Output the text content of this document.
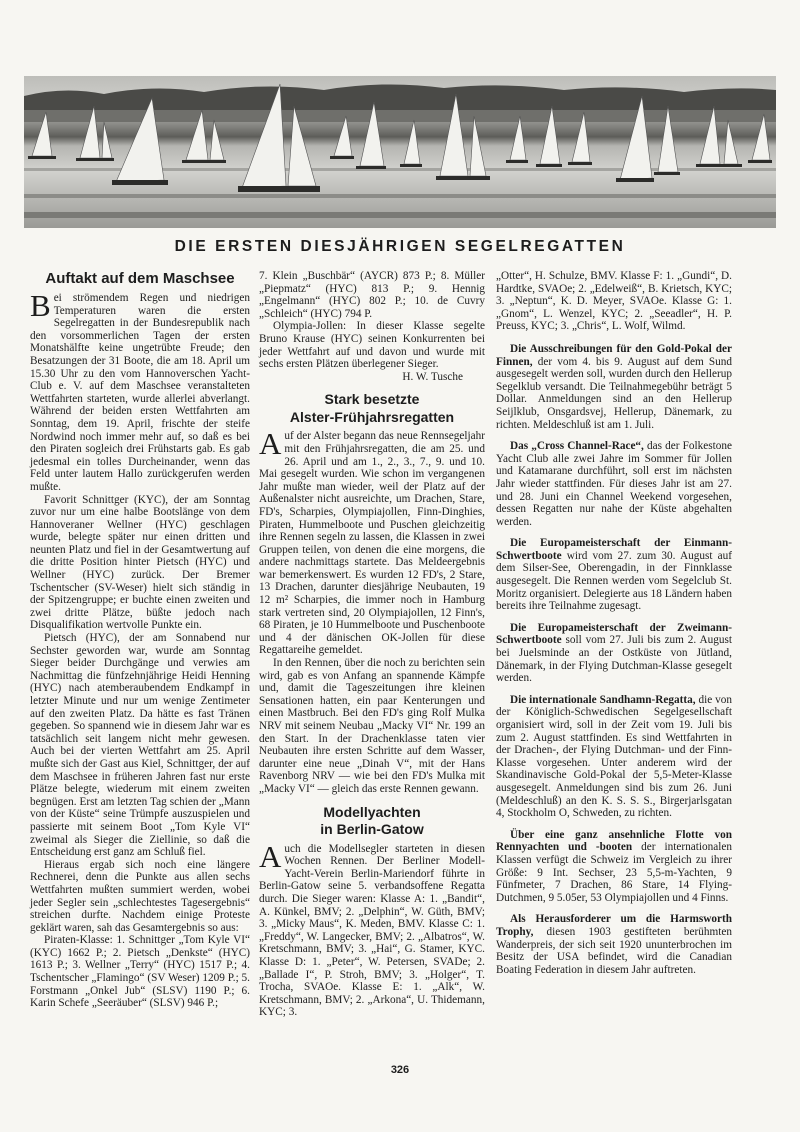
DIE ERSTEN DIESJÄHRIGEN SEGELREGATTEN
Auftakt auf dem Maschsee

Bei strömendem Regen und niedrigen Temperaturen waren die ersten Segelregatten in der Bundesrepublik nach den vorsommerlichen Tagen der ersten Monatshälfte keine ungetrübte Freude; den Besatzungen der 31 Boote, die am 18. April um 15.30 Uhr zu den vom Hannoverschen Yacht-Club e. V. auf dem Maschsee veranstalteten Wettfahrten starteten, wurde allerlei abverlangt. Während der beiden ersten Wettfahrten am Sonntag, dem 19. April, frischte der steife Nordwind noch immer mehr auf, so daß es bei den Piraten sogleich drei Frühstarts gab. Es gab jedesmal ein tolles Durcheinander, wenn das Feld unter lautem Hallo zurückgerufen werden mußte.

Favorit Schnittger (KYC), der am Sonntag zuvor nur um eine halbe Bootslänge von dem Hannoveraner Wellner (HYC) geschlagen wurde, belegte später nur einen dritten und neunten Platz und fiel in der Gesamtwertung auf die dritte Position hinter Pietsch (HYC) und Wellner (HYC) zurück. Der Bremer Tschentscher (SV-Weser) hielt sich ständig in der Spitzengruppe; er buchte einen zweiten und zwei dritte Plätze, büßte jedoch nach Disqualifikation wertvolle Punkte ein.

Pietsch (HYC), der am Sonnabend nur Sechster geworden war, wurde am Sonntag Sieger beider Durchgänge und verwies am Nachmittag die fünfzehnjährige Heidi Henning (HYC) nach atemberaubendem Endkampf in letzter Minute und nur um wenige Zentimeter auf den zweiten Platz. Da hätte es fast Tränen gegeben. So spannend wie in diesem Jahr war es tatsächlich seit langem nicht mehr gewesen. Auch bei der vierten Wettfahrt am 25. April mußte sich der Gast aus Kiel, Schnittger, der auf dem Maschsee in früheren Jahren fast nur erste Plätze belegte, wiederum mit einem zweiten begnügen. Erst am letzten Tag schien der „Mann von der Küste“ seine Trümpfe auszuspielen und passierte mit seinem Boot „Tom Kyle VI“ zweimal als Sieger die Ziellinie, so daß die Entscheidung erst ganz am Schluß fiel.

Hieraus ergab sich noch eine längere Rechnerei, denn die Punkte aus allen sechs Wettfahrten mußten summiert werden, wobei jeder Segler sein „schlechtestes Tagesergebnis“ streichen durfte. Nachdem einige Proteste geklärt waren, sah das Gesamtergebnis so aus:

Piraten-Klasse: 1. Schnittger „Tom Kyle VI“ (KYC) 1662 P.; 2. Pietsch „Denkste“ (HYC) 1613 P.; 3. Wellner „Terry“ (HYC) 1517 P.; 4. Tschentscher „Flamingo“ (SV Weser) 1209 P.; 5. Forstmann „Onkel Jub“ (SLSV) 1190 P.; 6. Karin Schefe „Seeräuber“ (SLSV) 946 P.;

7. Klein „Buschbär“ (AYCR) 873 P.; 8. Müller „Piepmatz“ (HYC) 813 P.; 9. Hennig „Engelmann“ (HYC) 802 P.; 10. de Cuvry „Schleich“ (HYC) 794 P.

Olympia-Jollen: In dieser Klasse segelte Bruno Krause (HYC) seinen Konkurrenten bei jeder Wettfahrt auf und davon und wurde mit sechs ersten Plätzen überlegener Sieger.

H. W. Tusche

Stark besetzte
Alster-Frühjahrsregatten

Auf der Alster begann das neue Rennsegeljahr mit den Frühjahrsregatten, die am 25. und 26. April und am 1., 2., 3., 7., 9. und 10. Mai gesegelt wurden. Wie schon im vergangenen Jahr mußte man wieder, weil der Platz auf der Außenalster nicht ausreichte, um Drachen, Stare, FD's, Scharpies, Olympiajollen, Finn-Dinghies, Piraten, Hummelboote und Puschen gleichzeitig ihre Rennen segeln zu lassen, die Klassen in zwei Gruppen teilen, von denen die eine morgens, die andere nachmittags startete. Das Meldeergebnis war bemerkenswert. Es wurden 12 FD's, 2 Stare, 13 Drachen, darunter diesjährige Neubauten, 19 12 m² Scharpies, die immer noch in Hamburg stark vertreten sind, 20 Olympiajollen, 12 Finn's, 68 Piraten, je 10 Hummelboote und Puschenboote und 4 der dänischen OK-Jollen für diese Regattareihe gemeldet.

In den Rennen, über die noch zu berichten sein wird, gab es von Anfang an spannende Kämpfe und, damit die Tageszeitungen ihre kleinen Sensationen hatten, ein paar Kenterungen und einen Mastbruch. Bei den FD's ging Rolf Mulka NRV mit seinem Neubau „Macky VI“ Nr. 199 an den Start. In der Drachenklasse taten vier Neubauten ihre ersten Schritte auf dem Wasser, darunter eine neue „Dinah V“, mit der Hans Ravenborg NRV — wie bei den FD's Mulka mit „Macky VI“ — gleich das erste Rennen gewann.

Modellyachten
in Berlin-Gatow

Auch die Modellsegler starteten in diesen Wochen Rennen. Der Berliner Modell-Yacht-Verein Berlin-Mariendorf führte in Berlin-Gatow seine 5. verbandsoffene Regatta durch. Die Sieger waren: Klasse A: 1. „Bandit“, A. Künkel, BMV; 2. „Delphin“, W. Güth, BMV; 3. „Micky Maus“, K. Meden, BMV. Klasse C: 1. „Freddy“, W. Langecker, BMV; 2. „Albatros“, W. Kretschmann, BMV; 3. „Hai“, G. Stamer, KYC. Klasse D: 1. „Peter“, W. Petersen, SVADe; 2. „Ballade I“, P. Stroh, BMV; 3. „Holger“, T. Trocha, SVAOe. Klasse E: 1. „Alk“, W. Kretschmann, BMV; 2. „Arkona“, U. Thidemann, KYC; 3.

„Otter“, H. Schulze, BMV. Klasse F: 1. „Gundi“, D. Hardtke, SVAOe; 2. „Edelweiß“, B. Krietsch, KYC; 3. „Neptun“, K. D. Meyer, SVAOe. Klasse G: 1. „Gnom“, L. Wenzel, KYC; 2. „Seeadler“, H. P. Preuss, KYC; 3. „Chris“, L. Wolf, Wilmd.

Die Ausschreibungen für den Gold-Pokal der Finnen, der vom 4. bis 9. August auf dem Sund ausgesegelt werden soll, wurden durch den Hellerup Segelklub versandt. Die Teilnahmegebühr beträgt 5 Dollar. Anmeldungen sind an den Hellerup Seijlklub, Onsgardsvej, Hellerup, Dänemark, zu richten. Meldeschluß ist am 1. Juli.

Das „Cross Channel-Race“, das der Folkestone Yacht Club alle zwei Jahre im Sommer für Jollen und Katamarane durchführt, soll erst im nächsten Jahr wieder stattfinden. Für dieses Jahr ist am 27. und 28. Juni ein Channel Weekend vorgesehen, dessen Regatten nur nahe der Küste abgehalten werden.

Die Europameisterschaft der Einmann-Schwertboote wird vom 27. zum 30. August auf dem Silser-See, Oberengadin, in der Finnklasse ausgesegelt. Die Rennen werden vom Segelclub St. Moritz organisiert. Delegierte aus 18 Ländern haben bereits ihre Teilnahme zugesagt.

Die Europameisterschaft der Zweimann-Schwertboote soll vom 27. Juli bis zum 2. August bei Juelsminde an der Ostküste von Jütland, Dänemark, in der Flying Dutchman-Klasse gesegelt werden.

Die internationale Sandhamn-Regatta, die von der Königlich-Schwedischen Segelgesellschaft organisiert wird, soll in der Zeit vom 19. Juli bis zum 2. August stattfinden. Es sind Wettfahrten in der Drachen-, der Flying Dutchman- und der Finn-Klasse vorgesehen. Unter anderem wird der Skandinavische Gold-Pokal der 5,5-Meter-Klasse ausgesegelt. Anmeldungen sind bis zum 26. Juni (Meldeschluß) an den K. S. S. S., Birgerjarlsgatan 4, Stockholm O, Schweden, zu richten.

Über eine ganz ansehnliche Flotte von Rennyachten und -booten der internationalen Klassen verfügt die Schweiz im Vergleich zu ihrer Größe: 9 Int. Sechser, 23 5,5-m-Yachten, 9 Fünfmeter, 7 Drachen, 86 Stare, 14 Flying-Dutchmen, 9 5.05er, 53 Olympiajollen und 4 Finns.

Als Herausforderer um die Harmsworth Trophy, diesen 1903 gestifteten berühmten Wanderpreis, der sich seit 1920 ununterbrochen im Besitz der USA befindet, wird die Canadian Boating Federation in diesem Jahr auftreten.

326
